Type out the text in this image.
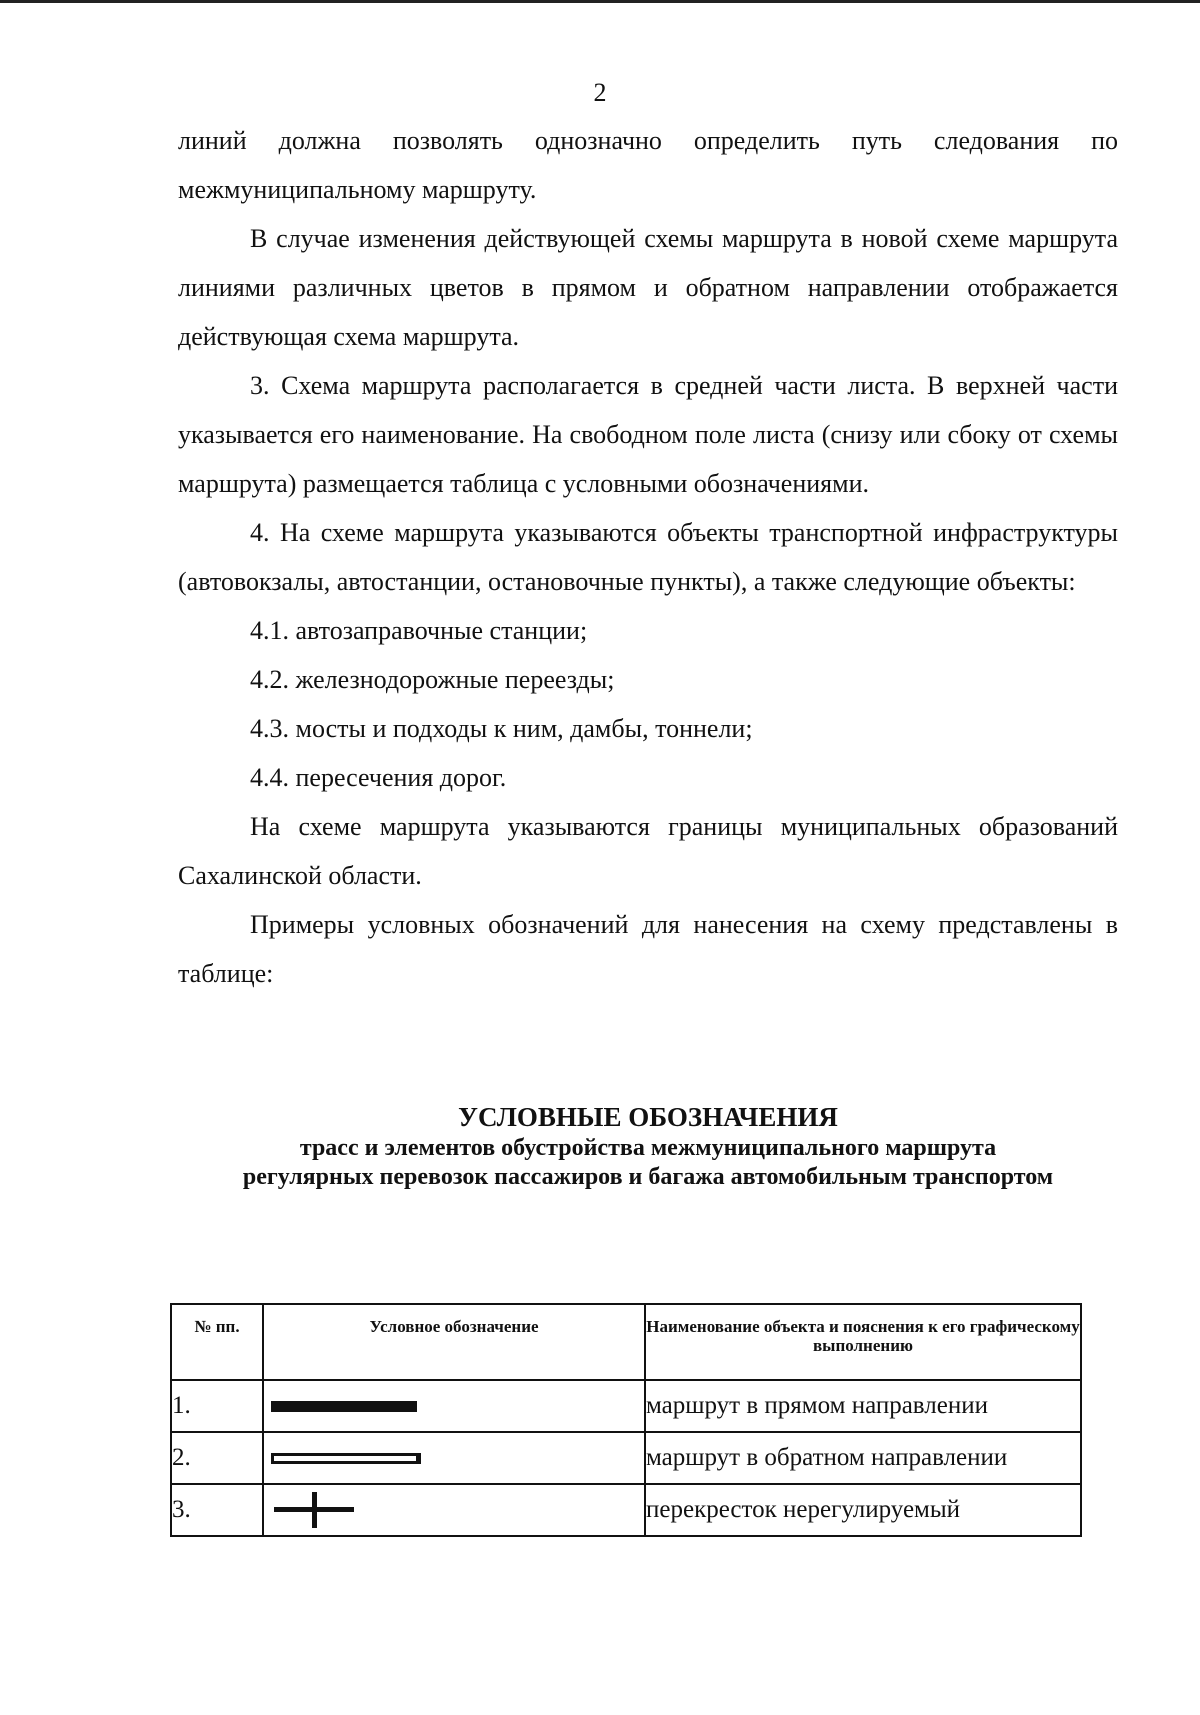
2

линий должна позволять однозначно определить путь следования по межмуниципальному маршруту.

В случае изменения действующей схемы маршрута в новой схеме маршрута линиями различных цветов в прямом и обратном направлении отображается действующая схема маршрута.

3. Схема маршрута располагается в средней части листа. В верхней части указывается его наименование. На свободном поле листа (снизу или сбоку от схемы маршрута) размещается таблица с условными обозначениями.

4. На схеме маршрута указываются объекты транспортной инфраструктуры (автовокзалы, автостанции, остановочные пункты), а также следующие объекты:

4.1. автозаправочные станции;

4.2. железнодорожные переезды;

4.3. мосты и подходы к ним, дамбы, тоннели;

4.4. пересечения дорог.

На схеме маршрута указываются границы муниципальных образований Сахалинской области.

Примеры условных обозначений для нанесения на схему представлены в таблице:

УСЛОВНЫЕ ОБОЗНАЧЕНИЯ
трасс и элементов обустройства межмуниципального маршрута регулярных перевозок пассажиров и багажа автомобильным транспортом
№ пп.	Условное обозначение	Наименование объекта и пояснения к его графическому выполнению
1.		маршрут в прямом направлении
2.		маршрут в обратном направлении
3.		перекресток нерегулируемый
